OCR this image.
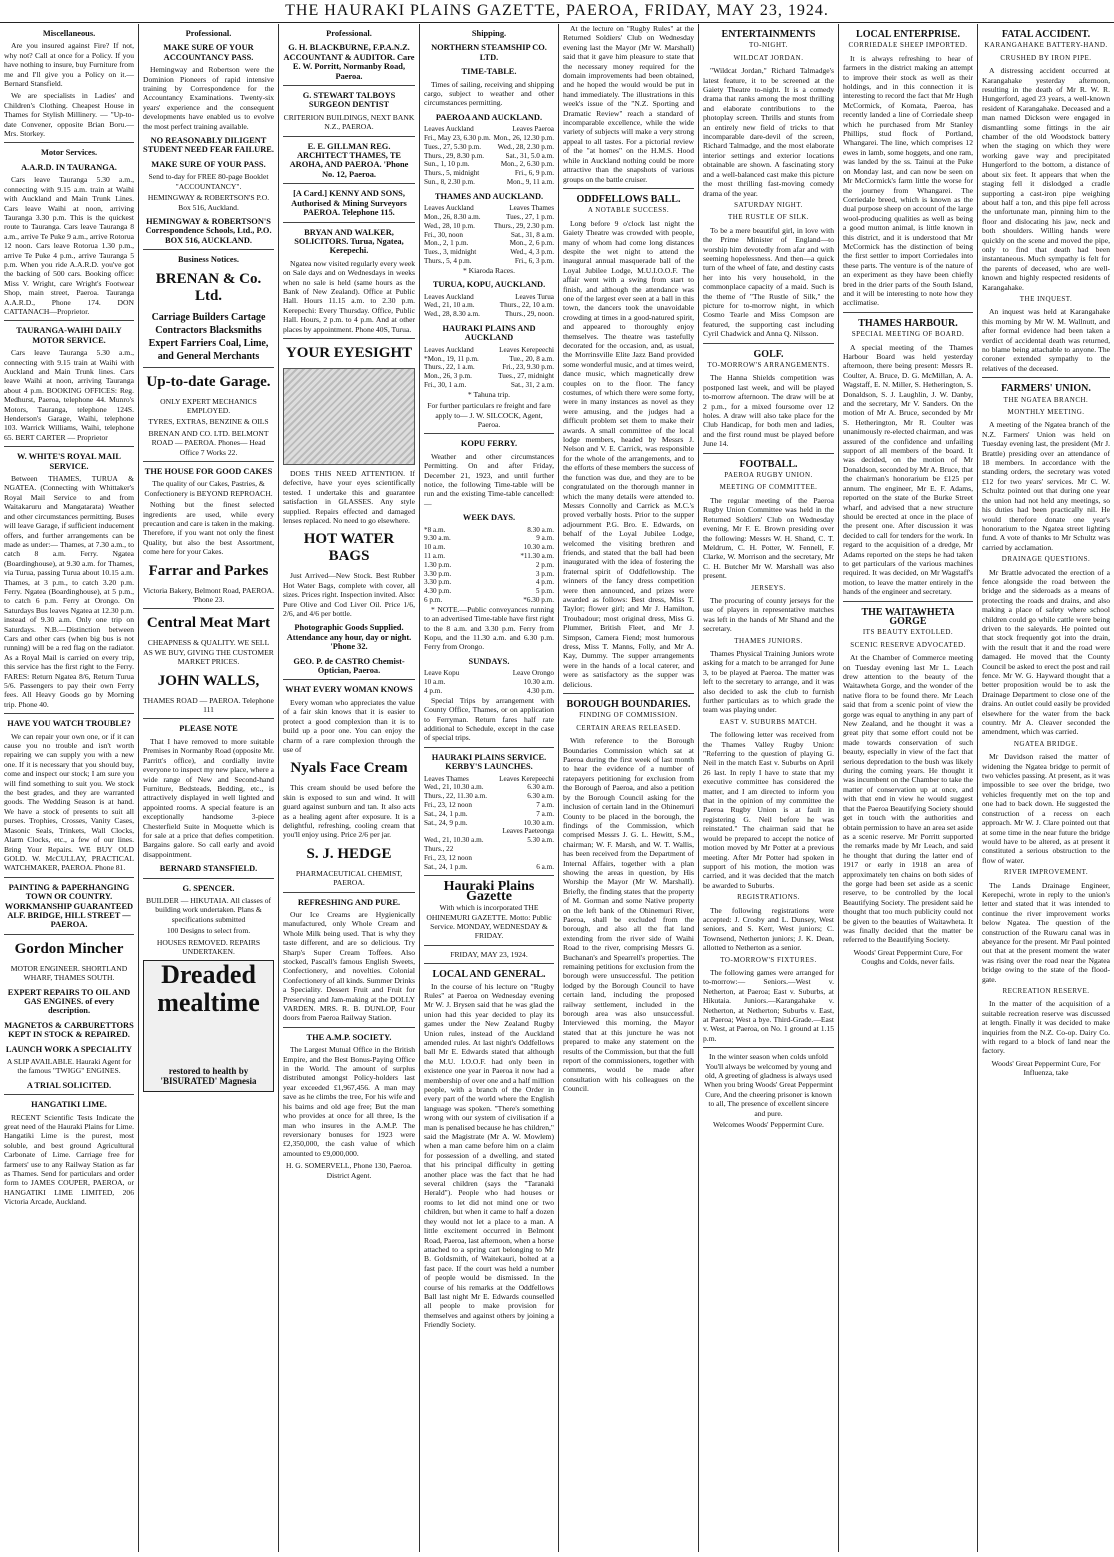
THE HAURAKI PLAINS GAZETTE, PAEROA, FRIDAY, MAY 23, 1924.
Miscellaneous.
Are you insured against Fire? If not, why not? Call at once for a Policy. If you have nothing to insure, buy Furniture from me and I'll give you a Policy on it.—Bernard Stansfield.
We are specialists in Ladies' and Children's Clothing. Cheapest House in Thames for Stylish Millinery. — "Up-to-date Convener, opposite Brian Boru.—Mrs. Storkey.
Motor Services.
A.A.R.D. IN TAURANGA.
Cars leave Tauranga 5.30 a.m., connecting with 9.15 a.m. train at Waihi with Auckland and Main Trunk Lines. Cars leave Waihi at noon, arriving Tauranga 3.30 p.m. This is the quickest route to Tauranga. Cars leave Tauranga 8 a.m., arrive Te Puke 9 a.m., arrive Rotorua 12 noon. Cars leave Rotorua 1.30 p.m., arrive Te Puke 4 p.m., arrive Tauranga 5 p.m. When you ride A.A.R.D. you've got the backing of 500 cars. Booking office: Miss V. Wright, care Wright's Footwear Shop, main street, Paeroa. Tauranga A.A.R.D., Phone 174. DON CATTANACH—Proprietor.
TAURANGA-WAIHI DAILY MOTOR SERVICE.
Cars leave Tauranga 5.30 a.m., connecting with 9.15 train at Waihi with Auckland and Main Trunk lines. Cars leave Waihi at noon, arriving Tauranga about 4 p.m. BOOKING OFFICES: Reg. Medhurst, Paeroa, telephone 44. Munro's Motors, Tauranga, telephone 124S. Henderson's Garage, Waihi, telephone 103. Warrick Williams, Waihi, telephone 65. BERT CARTER — Proprietor
W. WHITE'S ROYAL MAIL SERVICE.
Between THAMES, TURUA & NGATEA. (Connecting with Whittaker's Royal Mail Service to and from Waitakaruru and Mangatarata) Weather and other circumstances permitting. Buses will leave Garage, if sufficient inducement offers, and further arrangements can be made as under:— Thames, at 7.30 a.m., to catch 8 a.m. Ferry. Ngatea (Boardinghouse), at 9.30 a.m. for Thames, via Turua, passing Turua about 10.15 a.m. Thames, at 3 p.m., to catch 3.20 p.m. Ferry. Ngatea (Boardinghouse), at 5 p.m., to catch 6 p.m. Ferry at Orongo. On Saturdays Bus leaves Ngatea at 12.30 p.m. instead of 9.30 a.m. Only one trip on Saturdays. N.B.—Distinction between Cars and other cars (when big bus is not running) will be a red flag on the radiator. As a Royal Mail is carried on every trip, this service has the first right to the Ferry. FARES: Return Ngatea 8/6, Return Turua 5/6. Passengers to pay their own Ferry fees. All Heavy Goods go by Morning trip. Phone 40.
HAVE YOU WATCH TROUBLE?
We can repair your own one, or if it can cause you no trouble and isn't worth repairing we can supply you with a new one. If it is necessary that you should buy, come and inspect our stock; I am sure you will find something to suit you. We stock the best grades, and they are warranted goods. The Wedding Season is at hand. We have a stock of presents to suit all purses. Trophies, Crosses, Vanity Cases, Masonic Seals, Trinkets, Wall Clocks, Alarm Clocks, etc., a few of our lines. Bring Your Repairs. WE BUY OLD GOLD. W. McCULLAY, PRACTICAL WATCHMAKER, PAEROA. Phone 81.
PAINTING & PAPERHANGING TOWN OR COUNTRY. WORKMANSHIP GUARANTEED ALF. BRIDGE, HILL STREET — PAEROA.
Gordon Mincher
MOTOR ENGINEER. SHORTLAND WHARF, THAMES SOUTH.
EXPERT REPAIRS TO OIL AND GAS ENGINES. of every description.
MAGNETOS & CARBURETTORS KEPT IN STOCK & REPAIRED.
LAUNCH WORK A SPECIALITY
A SLIP AVAILABLE. Hauraki Agent for the famous "TWIGG" ENGINES.
A TRIAL SOLICITED.
HANGATIKI LIME.
RECENT Scientific Tests Indicate the great need of the Hauraki Plains for Lime. Hangatiki Lime is the purest, most soluble, and best ground Agricultural Carbonate of Lime. Carriage free for farmers' use to any Railway Station as far as Thames. Send for particulars and order form to JAMES COUPER, PAEROA, or HANGATIKI LIME LIMITED, 206 Victoria Arcade, Auckland.
Professional.
MAKE SURE OF YOUR ACCOUNTANCY PASS.
Hemingway and Robertson were the Dominion Pioneers of rapid intensive training by Correspondence for the Accountancy Examinations. Twenty-six years' experience and the consequent developments have enabled us to evolve the most perfect training available.
NO REASONABLY DILIGENT STUDENT NEED FEAR FAILURE.
MAKE SURE OF YOUR PASS.
Send to-day for FREE 80-page Booklet "ACCOUNTANCY".
HEMINGWAY & ROBERTSON'S P.O. Box 516, Auckland.
HEMINGWAY & ROBERTSON'S Correspondence Schools, Ltd., P.O. BOX 516, AUCKLAND.
Business Notices.
BRENAN & Co. Ltd.
Carriage Builders Cartage Contractors Blacksmiths Expert Farriers Coal, Lime, and General Merchants
Up-to-date Garage.
ONLY EXPERT MECHANICS EMPLOYED.
TYRES, EXTRAS, BENZINE & OILS
BRENAN AND CO. LTD. BELMONT ROAD — PAEROA. Phones— Head Office 7 Works 22.
THE HOUSE FOR GOOD CAKES
The quality of our Cakes, Pastries, & Confectionery is BEYOND REPROACH.
Nothing but the finest selected ingredients are used, while every precaution and care is taken in the making. Therefore, if you want not only the finest Quality, but also the best Assortment, come here for your Cakes.
Farrar and Parkes
Victoria Bakery, Belmont Road, PAEROA. 'Phone 23.
Central Meat Mart
CHEAPNESS & QUALITY. WE SELL AS WE BUY, GIVING THE CUSTOMER MARKET PRICES.
JOHN WALLS,
THAMES ROAD — PAEROA. Telephone 111
PLEASE NOTE
That I have removed to more suitable Premises in Normanby Road (opposite Mr. Parritt's office), and cordially invite everyone to inspect my new place, where a wide range of New and Second-hand Furniture, Bedsteads, Bedding, etc., is attractively displayed in well lighted and appointed rooms. A special feature is an exceptionally handsome 3-piece Chesterfield Suite in Moquette which is for sale at a price that defies competition. Bargains galore. So call early and avoid disappointment.
BERNARD STANSFIELD.
G. SPENCER.
BUILDER — HIKUTAIA. All classes of building work undertaken. Plans & specifications submitted
100 Designs to select from.
HOUSES REMOVED. REPAIRS UNDERTAKEN.
Dreaded mealtime
restored to health by 'BISURATED' Magnesia
Professional.
G. H. BLACKBURNE, F.P.A.N.Z. ACCOUNTANT & AUDITOR. Care E. W. Porritt, Normanby Road, Paeroa.
G. STEWART TALBOYS SURGEON DENTIST
CRITERION BUILDINGS, NEXT BANK N.Z., PAEROA.
E. E. GILLMAN REG. ARCHITECT THAMES, TE AROHA, AND PAEROA. 'Phone No. 12, Paeroa.
[A Card.] KENNY AND SONS, Authorised & Mining Surveyors PAEROA. Telephone 115.
BRYAN AND WALKER, SOLICITORS. Turua, Ngatea, Kerepechi.
Ngatea now visited regularly every week on Sale days and on Wednesdays in weeks when no sale is held (same hours as the Bank of New Zealand). Office at Public Hall. Hours 11.15 a.m. to 2.30 p.m. Kerepechi: Every Thursday. Office, Public Hall. Hours, 2 p.m. to 4 p.m. And at other places by appointment. Phone 40S, Turua.
YOUR EYESIGHT
DOES THIS NEED ATTENTION. If defective, have your eyes scientifically tested. I undertake this and guarantee satisfaction in GLASSES. Any style supplied. Repairs effected and damaged lenses replaced. No need to go elsewhere.
HOT WATER BAGS
Just Arrived—New Stock. Best Rubber Hot Water Bags, complete with cover, all sizes. Prices right. Inspection invited. Also: Pure Olive and Cod Liver Oil. Price 1/6, 2/6, and 4/6 per bottle.
Photographic Goods Supplied. Attendance any hour, day or night. 'Phone 32.
GEO. P. de CASTRO Chemist-Optician, Paeroa.
WHAT EVERY WOMAN KNOWS
Every woman who appreciates the value of a fair skin knows that it is easier to protect a good complexion than it is to build up a poor one. You can enjoy the charm of a rare complexion through the use of
Nyals Face Cream
This cream should be used before the skin is exposed to sun and wind. It will guard against sunburn and tan. It also acts as a healing agent after exposure. It is a delightful, refreshing, cooling cream that you'll enjoy using. Price 2/6 per jar.
S. J. HEDGE
PHARMACEUTICAL CHEMIST, PAEROA.
REFRESHING AND PURE.
Our Ice Creams are Hygienically manufactured, only Whole Cream and Whole Milk being used. That is why they taste different, and are so delicious. Try Sharp's Super Cream Toffees. Also stocked, Pascall's famous English Sweets, Confectionery, and novelties. Colonial Confectionery of all kinds. Summer Drinks a Speciality. Dessert Fruit and Fruit for Preserving and Jam-making at the DOLLY VARDEN. MRS. R. B. DUNLOP, Four doors from Paeroa Railway Station.
THE A.M.P. SOCIETY.
The Largest Mutual Office in the British Empire, and the Best Bonus-Paying Office in the World. The amount of surplus distributed amongst Policy-holders last year exceeded £1,967,456. A man may save as he climbs the tree, For his wife and his bairns and old age free; But the man who provides at once for all three, Is the man who insures in the A.M.P. The reversionary bonuses for 1923 were £2,350,000, the cash value of which amounted to £9,000,000.
H. G. SOMERVELL, Phone 130, Paeroa. District Agent.
Shipping.
NORTHERN STEAMSHIP CO. LTD.
TIME-TABLE.
Times of sailing, receiving and shipping cargo, subject to weather and other circumstances permitting.
PAEROA AND AUCKLAND.
Leaves Auckland	Leaves Paeroa
Fri., May 23, 6.30 p.m.	Mon., 26, 12.30 p.m.
Tues., 27, 5.30 p.m.	Wed., 28, 2.30 p.m.
Thurs., 29, 8.30 p.m.	Sat., 31, 5.0 a.m.
Sun., 1, 10 p.m.	Mon., 2, 6.30 p.m.
Thurs., 5, midnight	Fri., 6, 9 p.m.
Sun., 8, 2.30 p.m.	Mon., 9, 11 a.m.
THAMES AND AUCKLAND.
Leaves Auckland	Leaves Thames
Mon., 26, 8.30 a.m.	Tues., 27, 1 p.m.
Wed., 28, 10 p.m.	Thurs., 29, 2.30 p.m.
Fri., 30, noon	Sat., 31, 8 a.m.
Mon., 2, 1 p.m.	Mon., 2, 6 p.m.
Tues., 3, midnight	Wed., 4, 3 p.m.
Thurs., 5, 4 p.m.	Fri., 6, 3 p.m.
* Kiaroda Races.
TURUA, KOPU, AUCKLAND.
Leaves Auckland	Leaves Turua
Wed., 21, 10 a.m.	Thurs., 22, 10 a.m.
Wed., 28, 8.30 a.m.	Thurs., 29, noon.
HAURAKI PLAINS AND AUCKLAND
Leaves Auckland	Leaves Kerepeechi
*Mon., 19, 11 p.m.	Tue., 20, 8 a.m.
Thurs., 22, 1 a.m.	Fri., 23, 9.30 p.m.
Mon., 26, 3 p.m.	Tues., 27, midnight
Fri., 30, 1 a.m.	Sat., 31, 2 a.m.
* Tahuna trip.
For further particulars re freight and fare apply to— J. W. SILCOCK, Agent, Paeroa.
KOPU FERRY.
Weather and other circumstances Permitting. On and after Friday, December 21, 1923, and until further notice, the following Time-table will be run and the existing Time-table cancelled:—
WEEK DAYS.
*8 a.m.	8.30 a.m.
9.30 a.m.	9 a.m.
10 a.m.	10.30 a.m.
11 a.m.	*11.30 a.m.
1.30 p.m.	2 p.m.
3.30 p.m.	3 p.m.
3.30 p.m.	4 p.m.
4.30 p.m.	5 p.m.
6 p.m.	*6.30 p.m.
* NOTE.—Public conveyances running to an advertised Time-table have first right to the 8 a.m. and 3.30 p.m. Ferry from Kopu, and the 11.30 a.m. and 6.30 p.m. Ferry from Orongo.
SUNDAYS.
Leave Kopu	Leave Orongo
10 a.m.	10.30 a.m.
4 p.m.	4.30 p.m.
Special Trips by arrangement with County Office, Thames, or on application to Ferryman. Return fares half rate additional to Schedule, except in the case of special trips.
HAURAKI PLAINS SERVICE. KERBY'S LAUNCHES.
Leaves Thames	Leaves Kerepeechi
Wed., 21, 10.30 a.m.	6.30 a.m.
Thurs., 22, 11.30 a.m.	6.30 a.m.
Fri., 23, 12 noon	7 a.m.
Sat., 24, 1 p.m.	7 a.m.
Sat., 24, 9 p.m.	10.30 a.m.
	Leaves Paeteonga
Wed., 21, 10.30 a.m.	5.30 a.m.
Thurs., 22	
Fri., 23, 12 noon	
Sat., 24, 1 p.m.	6 a.m.
Hauraki Plains Gazette
With which is incorporated THE OHINEMURI GAZETTE. Motto: Public Service. MONDAY, WEDNESDAY & FRIDAY.
FRIDAY, MAY 23, 1924.
LOCAL AND GENERAL.
In the course of his lecture on "Rugby Rules" at Paeroa on Wednesday evening Mr W. J. Brysen said that he was glad the union had this year decided to play its games under the New Zealand Rugby Union rules, instead of the Auckland amended rules. At last night's Oddfellows ball Mr E. Edwards stated that although the M.U. I.O.O.F. had only been in existence one year in Paeroa it now had a membership of over one and a half million people, with a branch of the Order in every part of the world where the English language was spoken. "There's something wrong with our system of civilisation if a man is penalised because he has children," said the Magistrate (Mr A. W. Mowlem) when a man came before him on a claim for possession of a dwelling, and stated that his principal difficulty in getting another place was the fact that he had several children (says the "Taranaki Herald"). People who had houses or rooms to let did not mind one or two children, but when it came to half a dozen they would not let a place to a man. A little excitement occurred in Belmont Road, Paeroa, last afternoon, when a horse attached to a spring cart belonging to Mr B. Goldsmith, of Waitekauri, bolted at a fast pace. If the court was held a number of people would be dismissed. In the course of his remarks at the Oddfellows Ball last night Mr E. Edwards counselled all people to make provision for themselves and against others by joining a Friendly Society.
At the lecture on "Rugby Rules" at the Returned Soldiers' Club on Wednesday evening last the Mayor (Mr W. Marshall) said that it gave him pleasure to state that the necessary money required for the domain improvements had been obtained, and he hoped the would would be put in hand immediately. The illustrations in this week's issue of the "N.Z. Sporting and Dramatic Review" reach a standard of incomparable excellence, while the wide variety of subjects will make a very strong appeal to all tastes. For a pictorial review of the "at homes" on the H.M.S. Hood while in Auckland nothing could be more attractive than the snapshots of various groups on the battle cruiser.
ODDFELLOWS BALL.
A NOTABLE SUCCESS.
Long before 9 o'clock last night the Gaiety Theatre was crowded with people, many of whom had come long distances despite the wet night to attend the inaugural annual masquerade ball of the Loyal Jubilee Lodge, M.U.I.O.O.F. The affair went with a swing from start to finish, and although the attendance was one of the largest ever seen at a ball in this town, the dancers took the unavoidable crowding at times in a good-natured spirit, and appeared to thoroughly enjoy themselves. The theatre was tastefully decorated for the occasion, and, as usual, the Morrinsville Elite Jazz Band provided some wonderful music, and at times weird, dance music, which magnetically drew couples on to the floor. The fancy costumes, of which there were some forty, were in many instances as novel as they were amusing, and the judges had a difficult problem set them to make their awards. A small committee of the local lodge members, headed by Messrs J. Nelson and V. E. Carrick, was responsible for the whole of the arrangements, and to the efforts of these members the success of the function was due, and they are to be congratulated on the thorough manner in which the many details were attended to. Messrs Connolly and Carrick as M.C.'s proved verbally hosts. Prior to the supper adjournment P.G. Bro. E. Edwards, on behalf of the Loyal Jubilee Lodge, welcomed the visiting brethren and friends, and stated that the ball had been inaugurated with the idea of fostering the fraternal spirit of Oddfellowship. The winners of the fancy dress competition were then announced, and prizes were awarded as follows: Best dress, Miss T. Taylor; flower girl; and Mr J. Hamilton, Troubadour; most original dress, Miss G. Plummer, British Fleet, and Mr J. Simpson, Camera Fiend; most humorous dress, Miss T. Manns, Folly, and Mr A. Kay, Dummy. The supper arrangements were in the hands of a local caterer, and were as satisfactory as the supper was delicious.
BOROUGH BOUNDARIES.
FINDING OF COMMISSION.
CERTAIN AREAS RELEASED.
With reference to the Borough Boundaries Commission which sat at Paeroa during the first week of last month to hear the evidence of a number of ratepayers petitioning for exclusion from the Borough of Paeroa, and also a petition by the Borough Council asking for the inclusion of certain land in the Ohinemuri County to be placed in the borough, the findings of the Commission, which comprised Messrs J. G. L. Hewitt, S.M., chairman; W. F. Marsh, and W. T. Wallis, has been received from the Department of Internal Affairs, together with a plan showing the areas in question, by His Worship the Mayor (Mr W. Marshall). Briefly, the finding states that the property of M. Gorman and some Native property on the left bank of the Ohinemuri River, Paeroa, shall be excluded from the borough, and also all the flat land extending from the river side of Waihi Road to the river, comprising Messrs G. Buchanan's and Spearrell's properties. The remaining petitions for exclusion from the borough were unsuccessful. The petition lodged by the Borough Council to have certain land, including the proposed railway settlement, included in the borough area was also unsuccessful. Interviewed this morning, the Mayor stated that at this juncture he was not prepared to make any statement on the results of the Commission, but that the full report of the commissioners, together with comments, would be made after consultation with his colleagues on the Council.
ENTERTAINMENTS
TO-NIGHT.
WILDCAT JORDAN.
"Wildcat Jordan," Richard Talmadge's latest feature, it to be screened at the Gaiety Theatre to-night. It is a comedy drama that ranks among the most thrilling and elaborate contributions to the photoplay screen. Thrills and stunts from an entirely new field of tricks to that incomparable dare-devil of the screen, Richard Talmadge, and the most elaborate interior settings and exterior locations obtainable are shown. A fascinating story and a well-balanced cast make this picture the most thrilling fast-moving comedy drama of the year.
SATURDAY NIGHT.
THE RUSTLE OF SILK.
To be a mere beautiful girl, in love with the Prime Minister of England—to worship him devotedly from afar and with seeming hopelessness. And then—a quick turn of the wheel of fate, and destiny casts her into his very household, in the commonplace capacity of a maid. Such is the theme of "The Rustle of Silk," the picture for to-morrow night, in which Cosmo Tearle and Miss Compson are featured, the supporting cast including Cyril Chadwick and Anna Q. Nilsson.
GOLF.
TO-MORROW'S ARRANGEMENTS.
The Hanna Shields competition was postponed last week, and will be played to-morrow afternoon. The draw will be at 2 p.m., for a mixed foursome over 12 holes. A draw will also take place for the Club Handicap, for both men and ladies, and the first round must be played before June 14.
FOOTBALL.
PAEROA RUGBY UNION.
MEETING OF COMMITTEE.
The regular meeting of the Paeroa Rugby Union Committee was held in the Returned Soldiers' Club on Wednesday evening, Mr F. E. Brown presiding over the following: Messrs W. H. Shand, C. T. Meldrum, C. H. Potter, W. Fennell, F. Clarke, W. Morrison and the secretary, Mr C. H. Butcher Mr W. Marshall was also present.
JERSEYS.
The procuring of county jerseys for the use of players in representative matches was left in the hands of Mr Shand and the secretary.
THAMES JUNIORS.
Thames Physical Training Juniors wrote asking for a match to be arranged for June 3, to be played at Paeroa. The matter was left to the secretary to arrange, and it was also decided to ask the club to furnish further particulars as to which grade the team was playing under.
EAST V. SUBURBS MATCH.
The following letter was received from the Thames Valley Rugby Union: "Referring to the question of playing G. Neil in the match East v. Suburbs on April 26 last. In reply I have to state that my executive committee has considered the matter, and I am directed to inform you that in the opinion of my committee the Paeroa Rugby Union is at fault in registering G. Neil before he was reinstated." The chairman said that he would be prepared to accept the notice of motion moved by Mr Potter at a previous meeting. After Mr Potter had spoken in support of his motion, the motion was carried, and it was decided that the match be awarded to Suburbs.
REGISTRATIONS.
The following registrations were accepted: J. Crosby and L. Dunsey, West seniors, and S. Kerr, West juniors; C. Townsend, Netherton juniors; J. K. Dean, allotted to Netherton as a senior.
TO-MORROW'S FIXTURES.
The following games were arranged for to-morrow:— Seniors.—West v. Netherton, at Paeroa; East v. Suburbs, at Hikutaia. Juniors.—Karangahake v. Netherton, at Netherton; Suburbs v. East, at Paeroa; West a bye. Third-Grade.—East v. West, at Paeroa, on No. 1 ground at 1.15 p.m.
In the winter season when colds unfold You'll always be welcomed by young and old, A greeting of gladness is always used When you bring Woods' Great Peppermint Cure, And the cheering prisoner is known to all, The presence of excellent sincere and pure.
Welcomes Woods' Peppermint Cure.
LOCAL ENTERPRISE.
CORRIEDALE SHEEP IMPORTED.
It is always refreshing to hear of farmers in the district making an attempt to improve their stock as well as their holdings, and in this connection it is interesting to record the fact that Mr Hugh McCormick, of Komata, Paeroa, has recently landed a line of Corriedale sheep which he purchased from Mr Stanley Phillips, stud flock of Portland, Whangarei. The line, which comprises 12 ewes in lamb, some hoggets, and one ram, was landed by the ss. Tainui at the Puke on Monday last, and can now be seen on Mr McCormick's farm little the worse for the journey from Whangarei. The Corriedale breed, which is known as the dual purpose sheep on account of the large wool-producing qualities as well as being a good mutton animal, is little known in this district, and it is understood that Mr McCormick has the distinction of being the first settler to import Corriedales into these parts. The venture is of the nature of an experiment as they have been chiefly bred in the drier parts of the South Island, and it will be interesting to note how they acclimatise.
THAMES HARBOUR.
SPECIAL MEETING OF BOARD.
A special meeting of the Thames Harbour Board was held yesterday afternoon, there being present: Messrs R. Coulter, A. Bruce, D. G. McMillan, A. A. Wagstaff, E. N. Miller, S. Hetherington, S. Donaldson, S. J. Laughlin, J. W. Danby, and the secretary, Mr V. Sanders. On the motion of Mr A. Bruce, seconded by Mr S. Hetherington, Mr R. Coulter was unanimously re-elected chairman, and was assured of the confidence and unfailing support of all members of the board. It was decided, on the motion of Mr Donaldson, seconded by Mr A. Bruce, that the chairman's honorarium be £125 per annum. The engineer, Mr E. F. Adams, reported on the state of the Burke Street wharf, and advised that a new structure should be erected at once in the place of the present one. After discussion it was decided to call for tenders for the work. In regard to the acquisition of a dredge, Mr Adams reported on the steps he had taken to get particulars of the various machines required. It was decided, on Mr Wagstaff's motion, to leave the matter entirely in the hands of the engineer and secretary.
THE WAITAWHETA GORGE
ITS BEAUTY EXTOLLED.
SCENIC RESERVE ADVOCATED.
At the Chamber of Commerce meeting on Tuesday evening last Mr L. Leach drew attention to the beauty of the Waitawheta Gorge, and the wonder of the native flora to be found there. Mr Leach said that from a scenic point of view the gorge was equal to anything in any part of New Zealand, and he thought it was a great pity that some effort could not be made towards conservation of such beauty, especially in view of the fact that serious depredation to the bush was likely during the coming years. He thought it was incumbent on the Chamber to take the matter of conservation up at once, and with that end in view he would suggest that the Paeroa Beautifying Society should get in touch with the authorities and obtain permission to have an area set aside as a scenic reserve. Mr Porritt supported the remarks made by Mr Leach, and said he thought that during the latter end of 1917 or early in 1918 an area of approximately ten chains on both sides of the gorge had been set aside as a scenic reserve, to be controlled by the local Beautifying Society. The president said he thought that too much publicity could not be given to the beauties of Waitawheta. It was finally decided that the matter be referred to the Beautifying Society.
Woods' Great Peppermint Cure, For Coughs and Colds, never fails.
FATAL ACCIDENT.
KARANGAHAKE BATTERY-HAND.
CRUSHED BY IRON PIPE.
A distressing accident occurred at Karangahake yesterday afternoon, resulting in the death of Mr R. W. R. Hungerford, aged 23 years, a well-known resident of Karangahake. Deceased and a man named Dickson were engaged in dismantling some fittings in the air chamber of the old Woodstock battery when the staging on which they were working gave way and precipitated Hungerford to the bottom, a distance of about six feet. It appears that when the staging fell it dislodged a cradle supporting a cast-iron pipe weighing about half a ton, and this pipe fell across the unfortunate man, pinning him to the floor and dislocating his jaw, neck and both shoulders. Willing hands were quickly on the scene and moved the pipe, only to find that death had been instantaneous. Much sympathy is felt for the parents of deceased, who are well-known and highly respected residents of Karangahake.
THE INQUEST.
An inquest was held at Karangahake this morning by Mr W. M. Wallnutt, and after formal evidence had been taken a verdict of accidental death was returned, no blame being attachable to anyone. The coroner extended sympathy to the relatives of the deceased.
FARMERS' UNION.
THE NGATEA BRANCH.
MONTHLY MEETING.
A meeting of the Ngatea branch of the N.Z. Farmers' Union was held on Tuesday evening last, the president (Mr J. Brattle) presiding over an attendance of 18 members. In accordance with the standing orders, the secretary was voted £12 for two years' services. Mr C. W. Schultz pointed out that during one year the union had not held any meetings, so his duties had been practically nil. He would therefore donate one year's honorarium to the Ngatea street lighting fund. A vote of thanks to Mr Schultz was carried by acclamation.
DRAINAGE QUESTIONS.
Mr Brattle advocated the erection of a fence alongside the road between the bridge and the sideroads as a means of protecting the roads and drains, and also making a place of safety where school children could go while cattle were being driven to the saleyards. He pointed out that stock frequently got into the drain, with the result that it and the road were damaged. He moved that the County Council be asked to erect the post and rail fence. Mr W. G. Hayward thought that a better proposition would be to ask the Drainage Department to close one of the drains. An outlet could easily be provided elsewhere for the water from the back country. Mr A. Cleaver seconded the amendment, which was carried.
NGATEA BRIDGE.
Mr Davidson raised the matter of widening the Ngatea bridge to permit of two vehicles passing. At present, as it was impossible to see over the bridge, two vehicles frequently met on the top and one had to back down. He suggested the construction of a recess on each approach. Mr W. J. Clare pointed out that at some time in the near future the bridge would have to be altered, as at present it constituted a serious obstruction to the flow of water.
RIVER IMPROVEMENT.
The Lands Drainage Engineer, Kerepechi, wrote in reply to the union's letter and stated that it was intended to continue the river improvement works below Ngatea. The question of the construction of the Ruwaru canal was in abeyance for the present. Mr Paul pointed out that at the present moment the water was rising over the road near the Ngatea bridge owing to the state of the flood-gate.
RECREATION RESERVE.
In the matter of the acquisition of a suitable recreation reserve was discussed at length. Finally it was decided to make inquiries from the N.Z. Co-op. Dairy Co. with regard to a block of land near the factory.
Woods' Great Peppermint Cure, For Influenza, take
